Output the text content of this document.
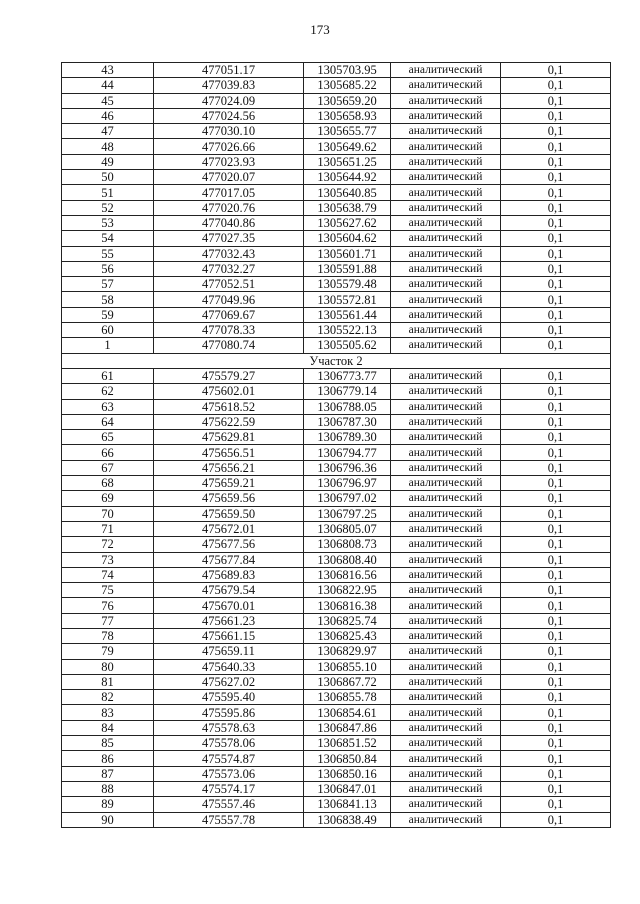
173
43	477051.17	1305703.95	аналитический	0,1
44	477039.83	1305685.22	аналитический	0,1
45	477024.09	1305659.20	аналитический	0,1
46	477024.56	1305658.93	аналитический	0,1
47	477030.10	1305655.77	аналитический	0,1
48	477026.66	1305649.62	аналитический	0,1
49	477023.93	1305651.25	аналитический	0,1
50	477020.07	1305644.92	аналитический	0,1
51	477017.05	1305640.85	аналитический	0,1
52	477020.76	1305638.79	аналитический	0,1
53	477040.86	1305627.62	аналитический	0,1
54	477027.35	1305604.62	аналитический	0,1
55	477032.43	1305601.71	аналитический	0,1
56	477032.27	1305591.88	аналитический	0,1
57	477052.51	1305579.48	аналитический	0,1
58	477049.96	1305572.81	аналитический	0,1
59	477069.67	1305561.44	аналитический	0,1
60	477078.33	1305522.13	аналитический	0,1
1	477080.74	1305505.62	аналитический	0,1
Участок 2				
61	475579.27	1306773.77	аналитический	0,1
62	475602.01	1306779.14	аналитический	0,1
63	475618.52	1306788.05	аналитический	0,1
64	475622.59	1306787.30	аналитический	0,1
65	475629.81	1306789.30	аналитический	0,1
66	475656.51	1306794.77	аналитический	0,1
67	475656.21	1306796.36	аналитический	0,1
68	475659.21	1306796.97	аналитический	0,1
69	475659.56	1306797.02	аналитический	0,1
70	475659.50	1306797.25	аналитический	0,1
71	475672.01	1306805.07	аналитический	0,1
72	475677.56	1306808.73	аналитический	0,1
73	475677.84	1306808.40	аналитический	0,1
74	475689.83	1306816.56	аналитический	0,1
75	475679.54	1306822.95	аналитический	0,1
76	475670.01	1306816.38	аналитический	0,1
77	475661.23	1306825.74	аналитический	0,1
78	475661.15	1306825.43	аналитический	0,1
79	475659.11	1306829.97	аналитический	0,1
80	475640.33	1306855.10	аналитический	0,1
81	475627.02	1306867.72	аналитический	0,1
82	475595.40	1306855.78	аналитический	0,1
83	475595.86	1306854.61	аналитический	0,1
84	475578.63	1306847.86	аналитический	0,1
85	475578.06	1306851.52	аналитический	0,1
86	475574.87	1306850.84	аналитический	0,1
87	475573.06	1306850.16	аналитический	0,1
88	475574.17	1306847.01	аналитический	0,1
89	475557.46	1306841.13	аналитический	0,1
90	475557.78	1306838.49	аналитический	0,1
